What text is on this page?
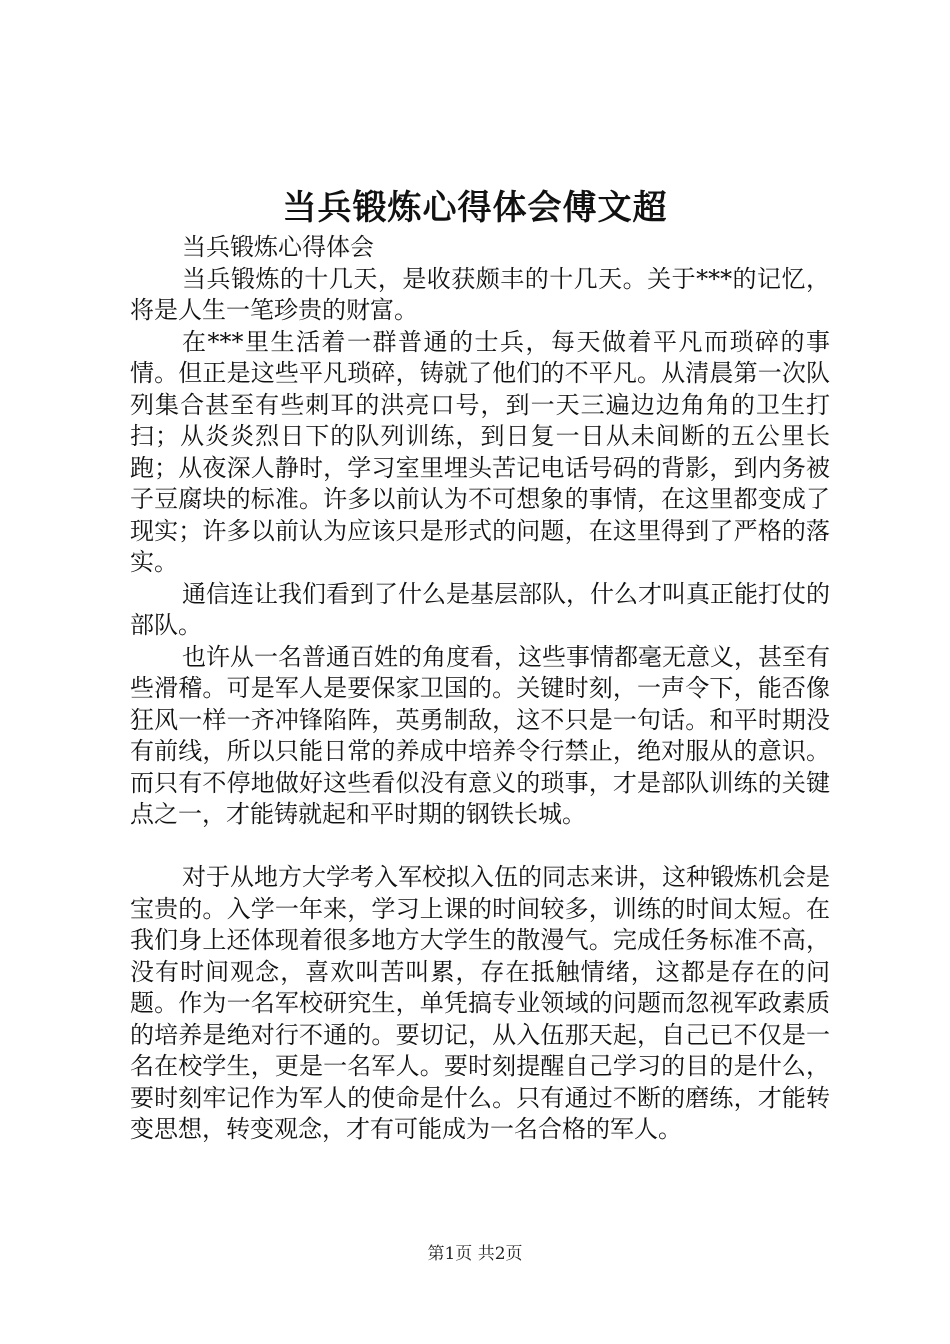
当兵锻炼心得体会傅文超

当兵锻炼心得体会

当兵锻炼的十几天，是收获颇丰的十几天。关于***的记忆，将是人生一笔珍贵的财富。

在***里生活着一群普通的士兵，每天做着平凡而琐碎的事情。但正是这些平凡琐碎，铸就了他们的不平凡。从清晨第一次队列集合甚至有些刺耳的洪亮口号，到一天三遍边边角角的卫生打扫；从炎炎烈日下的队列训练，到日复一日从未间断的五公里长跑；从夜深人静时，学习室里埋头苦记电话号码的背影，到内务被子豆腐块的标准。许多以前认为不可想象的事情，在这里都变成了现实；许多以前认为应该只是形式的问题，在这里得到了严格的落实。

通信连让我们看到了什么是基层部队，什么才叫真正能打仗的部队。

也许从一名普通百姓的角度看，这些事情都毫无意义，甚至有些滑稽。可是军人是要保家卫国的。关键时刻，一声令下，能否像狂风一样一齐冲锋陷阵，英勇制敌，这不只是一句话。和平时期没有前线，所以只能日常的养成中培养令行禁止，绝对服从的意识。而只有不停地做好这些看似没有意义的琐事，才是部队训练的关键点之一，才能铸就起和平时期的钢铁长城。

对于从地方大学考入军校拟入伍的同志来讲，这种锻炼机会是宝贵的。入学一年来，学习上课的时间较多，训练的时间太短。在我们身上还体现着很多地方大学生的散漫气。完成任务标准不高，没有时间观念，喜欢叫苦叫累，存在抵触情绪，这都是存在的问题。作为一名军校研究生，单凭搞专业领域的问题而忽视军政素质的培养是绝对行不通的。要切记，从入伍那天起，自己已不仅是一名在校学生，更是一名军人。要时刻提醒自己学习的目的是什么，要时刻牢记作为军人的使命是什么。只有通过不断的磨练，才能转变思想，转变观念，才有可能成为一名合格的军人。

第1页 共2页
